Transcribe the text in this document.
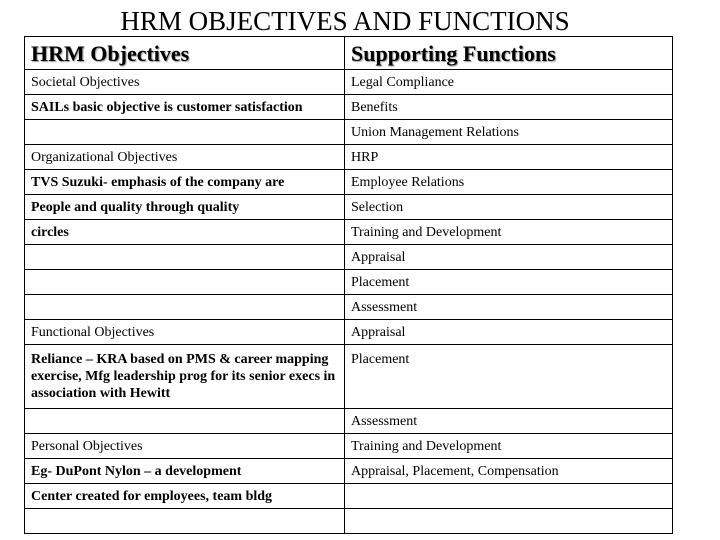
HRM OBJECTIVES AND FUNCTIONS
HRM Objectives	Supporting Functions
Societal Objectives	Legal Compliance
SAILs basic objective is customer satisfaction	Benefits
	Union Management Relations
Organizational Objectives	HRP
TVS Suzuki- emphasis of the company are	Employee Relations
People and quality through quality	Selection
circles	Training and Development
	Appraisal
	Placement
	Assessment
Functional Objectives	Appraisal
Reliance – KRA based on PMS & career mapping exercise, Mfg leadership prog for its senior execs in association with Hewitt	Placement
	Assessment
Personal Objectives	Training and Development
Eg- DuPont Nylon – a development	Appraisal, Placement, Compensation
Center created for employees, team bldg	
